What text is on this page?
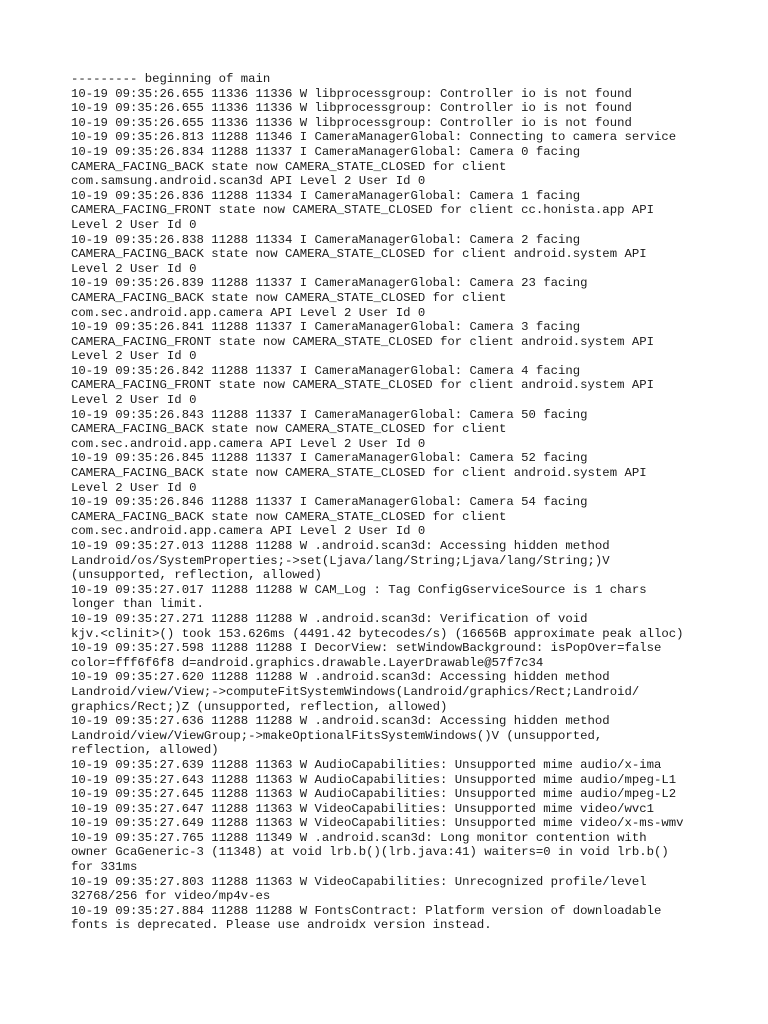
--------- beginning of main
10-19 09:35:26.655 11336 11336 W libprocessgroup: Controller io is not found
10-19 09:35:26.655 11336 11336 W libprocessgroup: Controller io is not found
10-19 09:35:26.655 11336 11336 W libprocessgroup: Controller io is not found
10-19 09:35:26.813 11288 11346 I CameraManagerGlobal: Connecting to camera service
10-19 09:35:26.834 11288 11337 I CameraManagerGlobal: Camera 0 facing
CAMERA_FACING_BACK state now CAMERA_STATE_CLOSED for client
com.samsung.android.scan3d API Level 2 User Id 0
10-19 09:35:26.836 11288 11334 I CameraManagerGlobal: Camera 1 facing
CAMERA_FACING_FRONT state now CAMERA_STATE_CLOSED for client cc.honista.app API
Level 2 User Id 0
10-19 09:35:26.838 11288 11334 I CameraManagerGlobal: Camera 2 facing
CAMERA_FACING_BACK state now CAMERA_STATE_CLOSED for client android.system API
Level 2 User Id 0
10-19 09:35:26.839 11288 11337 I CameraManagerGlobal: Camera 23 facing
CAMERA_FACING_BACK state now CAMERA_STATE_CLOSED for client
com.sec.android.app.camera API Level 2 User Id 0
10-19 09:35:26.841 11288 11337 I CameraManagerGlobal: Camera 3 facing
CAMERA_FACING_FRONT state now CAMERA_STATE_CLOSED for client android.system API
Level 2 User Id 0
10-19 09:35:26.842 11288 11337 I CameraManagerGlobal: Camera 4 facing
CAMERA_FACING_FRONT state now CAMERA_STATE_CLOSED for client android.system API
Level 2 User Id 0
10-19 09:35:26.843 11288 11337 I CameraManagerGlobal: Camera 50 facing
CAMERA_FACING_BACK state now CAMERA_STATE_CLOSED for client
com.sec.android.app.camera API Level 2 User Id 0
10-19 09:35:26.845 11288 11337 I CameraManagerGlobal: Camera 52 facing
CAMERA_FACING_BACK state now CAMERA_STATE_CLOSED for client android.system API
Level 2 User Id 0
10-19 09:35:26.846 11288 11337 I CameraManagerGlobal: Camera 54 facing
CAMERA_FACING_BACK state now CAMERA_STATE_CLOSED for client
com.sec.android.app.camera API Level 2 User Id 0
10-19 09:35:27.013 11288 11288 W .android.scan3d: Accessing hidden method
Landroid/os/SystemProperties;->set(Ljava/lang/String;Ljava/lang/String;)V
(unsupported, reflection, allowed)
10-19 09:35:27.017 11288 11288 W CAM_Log : Tag ConfigGserviceSource is 1 chars
longer than limit.
10-19 09:35:27.271 11288 11288 W .android.scan3d: Verification of void
kjv.<clinit>() took 153.626ms (4491.42 bytecodes/s) (16656B approximate peak alloc)
10-19 09:35:27.598 11288 11288 I DecorView: setWindowBackground: isPopOver=false
color=fff6f6f8 d=android.graphics.drawable.LayerDrawable@57f7c34
10-19 09:35:27.620 11288 11288 W .android.scan3d: Accessing hidden method
Landroid/view/View;->computeFitSystemWindows(Landroid/graphics/Rect;Landroid/
graphics/Rect;)Z (unsupported, reflection, allowed)
10-19 09:35:27.636 11288 11288 W .android.scan3d: Accessing hidden method
Landroid/view/ViewGroup;->makeOptionalFitsSystemWindows()V (unsupported,
reflection, allowed)
10-19 09:35:27.639 11288 11363 W AudioCapabilities: Unsupported mime audio/x-ima
10-19 09:35:27.643 11288 11363 W AudioCapabilities: Unsupported mime audio/mpeg-L1
10-19 09:35:27.645 11288 11363 W AudioCapabilities: Unsupported mime audio/mpeg-L2
10-19 09:35:27.647 11288 11363 W VideoCapabilities: Unsupported mime video/wvc1
10-19 09:35:27.649 11288 11363 W VideoCapabilities: Unsupported mime video/x-ms-wmv
10-19 09:35:27.765 11288 11349 W .android.scan3d: Long monitor contention with
owner GcaGeneric-3 (11348) at void lrb.b()(lrb.java:41) waiters=0 in void lrb.b()
for 331ms
10-19 09:35:27.803 11288 11363 W VideoCapabilities: Unrecognized profile/level
32768/256 for video/mp4v-es
10-19 09:35:27.884 11288 11288 W FontsContract: Platform version of downloadable
fonts is deprecated. Please use androidx version instead.
